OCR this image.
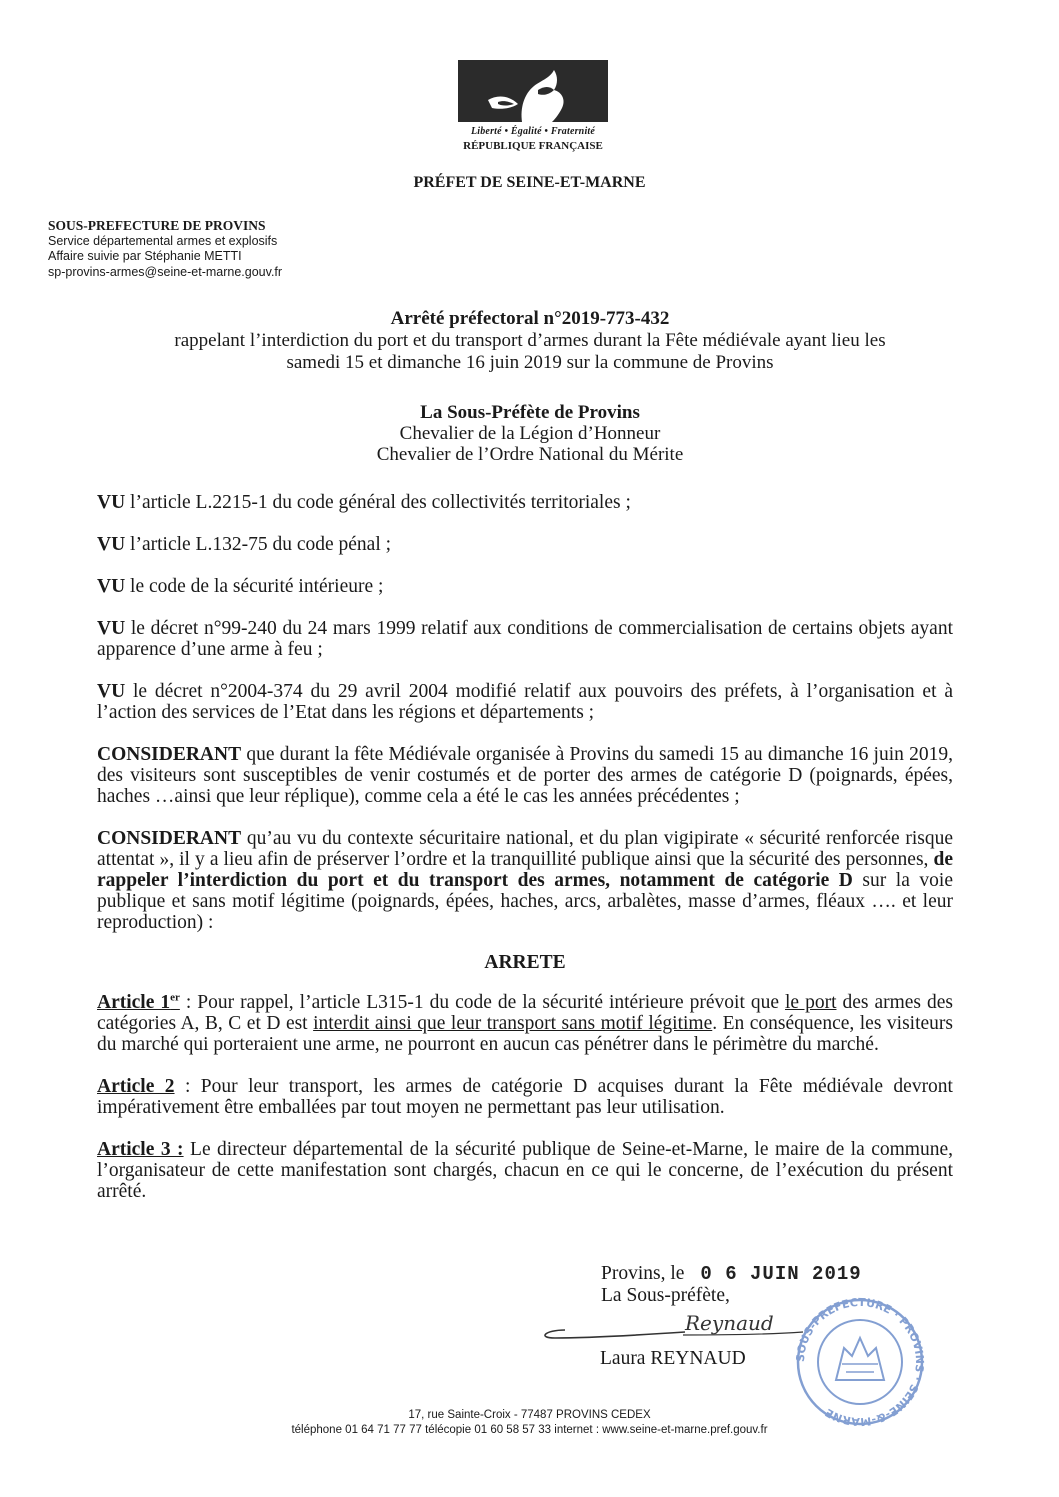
Liberté • Égalité • Fraternité
RÉPUBLIQUE FRANÇAISE
PRÉFET DE SEINE-ET-MARNE
SOUS-PREFECTURE DE PROVINS
Service départemental armes et explosifs
Affaire suivie par Stéphanie METTI
sp-provins-armes@seine-et-marne.gouv.fr
Arrêté préfectoral n°2019-773-432
rappelant l’interdiction du port et du transport d’armes durant la Fête médiévale ayant lieu les
samedi 15 et dimanche 16 juin 2019 sur la commune de Provins
La Sous-Préfète de Provins
Chevalier de la Légion d’Honneur
Chevalier de l’Ordre National du Mérite

VU l’article L.2215-1 du code général des collectivités territoriales ;

VU l’article L.132-75 du code pénal ;

VU le code de la sécurité intérieure ;

VU le décret n°99-240 du 24 mars 1999 relatif aux conditions de commercialisation de certains objets ayant apparence d’une arme à feu ;

VU le décret n°2004-374 du 29 avril 2004 modifié relatif aux pouvoirs des préfets, à l’organisation et à l’action des services de l’Etat dans les régions et départements ;

CONSIDERANT que durant la fête Médiévale organisée à Provins du samedi 15 au dimanche 16 juin 2019, des visiteurs sont susceptibles de venir costumés et de porter des armes de catégorie D (poignards, épées, haches …ainsi que leur réplique), comme cela a été le cas les années précédentes ;

CONSIDERANT qu’au vu du contexte sécuritaire national, et du plan vigipirate « sécurité renforcée risque attentat », il y a lieu afin de préserver l’ordre et la tranquillité publique ainsi que la sécurité des personnes, de rappeler l’interdiction du port et du transport des armes, notamment de catégorie D sur la voie publique et sans motif légitime (poignards, épées, haches, arcs, arbalètes, masse d’armes, fléaux …. et leur reproduction) :

ARRETE

Article 1er : Pour rappel, l’article L315-1 du code de la sécurité intérieure prévoit que le port des armes des catégories A, B, C et D est interdit ainsi que leur transport sans motif légitime. En conséquence, les visiteurs du marché qui porteraient une arme, ne pourront en aucun cas pénétrer dans le périmètre du marché.

Article 2 : Pour leur transport, les armes de catégorie D acquises durant la Fête médiévale devront impérativement être emballées par tout moyen ne permettant pas leur utilisation.

Article 3 : Le directeur départemental de la sécurité publique de Seine-et-Marne, le maire de la commune, l’organisateur de cette manifestation sont chargés, chacun en ce qui le concerne, de l’exécution du présent arrêté.

Provins, le 0 6 JUIN 2019
La Sous-préfète,
Reynaud
Laura REYNAUD	SOUS-PREFECTURE · PROVINS · SEINE-&-MARNE
17, rue Sainte-Croix - 77487 PROVINS CEDEX
téléphone 01 64 71 77 77 télécopie 01 60 58 57 33 internet : www.seine-et-marne.pref.gouv.fr
